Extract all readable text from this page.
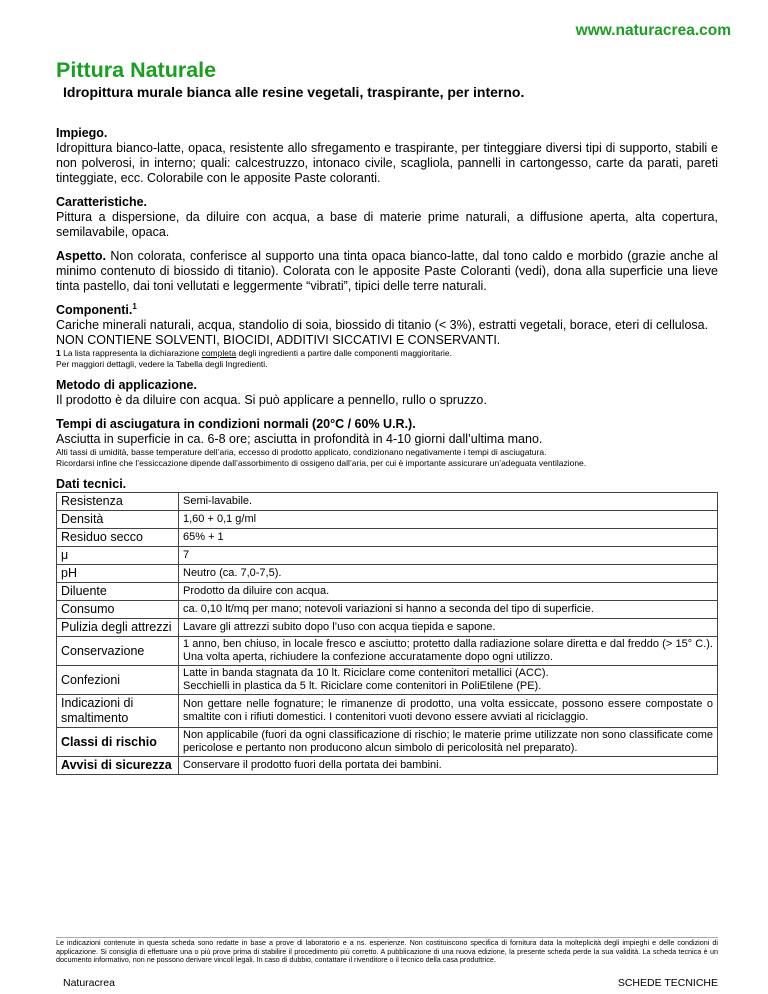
www.naturacrea.com
Pittura Naturale
Idropittura murale bianca alle resine vegetali, traspirante, per interno.

Impiego.

Idropittura bianco-latte, opaca, resistente allo sfregamento e traspirante, per tinteggiare diversi tipi di supporto, stabili e non polverosi, in interno; quali: calcestruzzo, intonaco civile, scagliola, pannelli in cartongesso, carte da parati, pareti tinteggiate, ecc. Colorabile con le apposite Paste coloranti.

Caratteristiche.

Pittura a dispersione, da diluire con acqua, a base di materie prime naturali, a diffusione aperta, alta copertura, semilavabile, opaca.

Aspetto. Non colorata, conferisce al supporto una tinta opaca bianco-latte, dal tono caldo e morbido (grazie anche al minimo contenuto di biossido di titanio). Colorata con le apposite Paste Coloranti (vedi), dona alla superficie una lieve tinta pastello, dai toni vellutati e leggermente “vibrati”, tipici delle terre naturali.

Componenti.$^1$

Cariche minerali naturali, acqua, standolio di soia, biossido di titanio (< 3%), estratti vegetali, borace, eteri di cellulosa.

NON CONTIENE SOLVENTI, BIOCIDI, ADDITIVI SICCATIVI E CONSERVANTI.

1 La lista rappresenta la dichiarazione completa degli ingredienti a partire dalle componenti maggioritarie.
Per maggiori dettagli, vedere la Tabella degli Ingredienti.

Metodo di applicazione.

Il prodotto è da diluire con acqua. Si può applicare a pennello, rullo o spruzzo.

Tempi di asciugatura in condizioni normali (20°C / 60% U.R.).

Asciutta in superficie in ca. 6-8 ore; asciutta in profondità in 4-10 giorni dall’ultima mano.

Alti tassi di umidità, basse temperature dell’aria, eccesso di prodotto applicato, condizionano negativamente i tempi di asciugatura.
Ricordarsi infine che l’essiccazione dipende dall’assorbimento di ossigeno dall’aria, per cui è importante assicurare un’adeguata ventilazione.

Dati tecnici.

Resistenza	Semi-lavabile.
Densità	1,60 + 0,1 g/ml
Residuo secco	65% + 1
μ	7
pH	Neutro (ca. 7,0-7,5).
Diluente	Prodotto da diluire con acqua.
Consumo	ca. 0,10 lt/mq per mano; notevoli variazioni si hanno a seconda del tipo di superficie.
Pulizia degli attrezzi	Lavare gli attrezzi subito dopo l’uso con acqua tiepida e sapone.
Conservazione	1 anno, ben chiuso, in locale fresco e asciutto; protetto dalla radiazione solare diretta e dal freddo (> 15° C.). Una volta aperta, richiudere la confezione accuratamente dopo ogni utilizzo.
Confezioni	Latte in banda stagnata da 10 lt. Riciclare come contenitori metallici (ACC).
Secchielli in plastica da 5 lt. Riciclare come contenitori in PoliEtilene (PE).
Indicazioni di smaltimento	Non gettare nelle fognature; le rimanenze di prodotto, una volta essiccate, possono essere compostate o smaltite con i rifiuti domestici. I contenitori vuoti devono essere avviati al riciclaggio.
Classi di rischio	Non applicabile (fuori da ogni classificazione di rischio; le materie prime utilizzate non sono classificate come pericolose e pertanto non producono alcun simbolo di pericolosità nel preparato).
Avvisi di sicurezza	Conservare il prodotto fuori della portata dei bambini.
Le indicazioni contenute in questa scheda sono redatte in base a prove di laboratorio e a ns. esperienze. Non costituiscono specifica di fornitura data la molteplicità degli impieghi e delle condizioni di applicazione. Si consiglia di effettuare una o più prove prima di stabilire il procedimento più corretto. A pubblicazione di una nuova edizione, la presente scheda perde la sua validità. La scheda tecnica è un documento informativo, non ne possono derivare vincoli legali. In caso di dubbio, contattare il rivenditore o il tecnico della casa produttrice.
Naturacrea	SCHEDE TECNICHE
